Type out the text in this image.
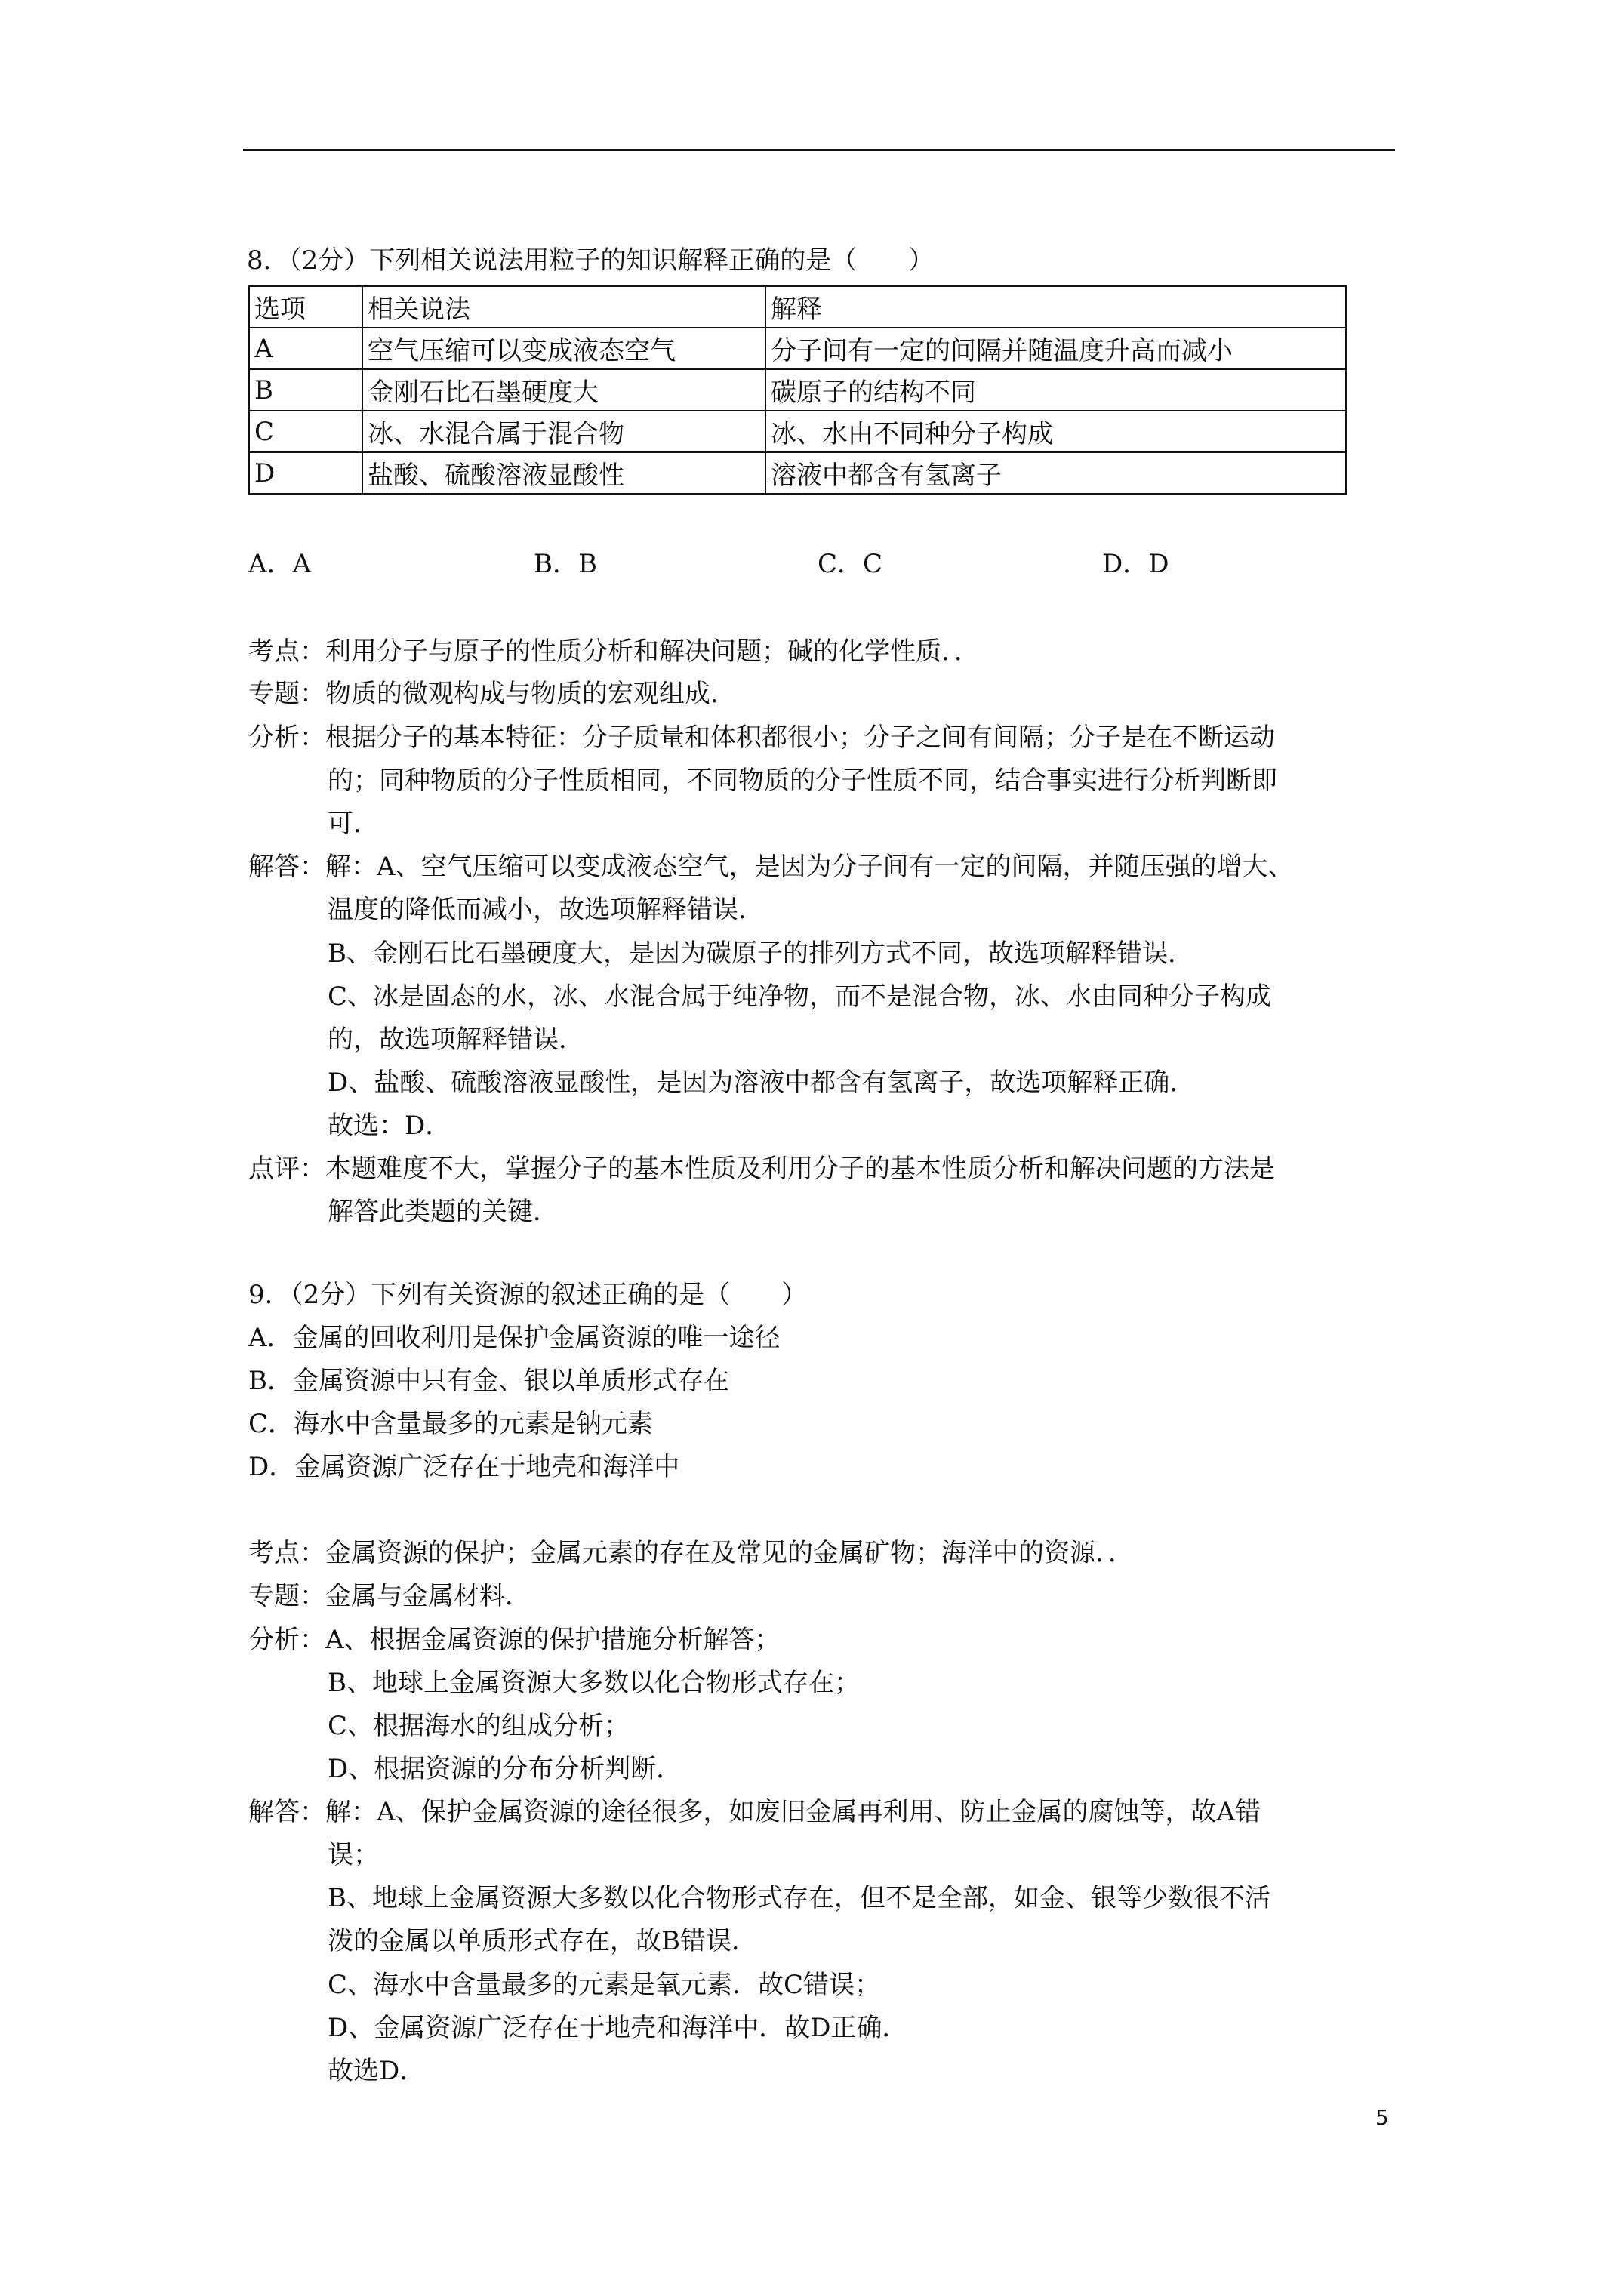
8．（2分）下列相关说法用粒子的知识解释正确的是（　　）
选项	相关说法	解释
A	空气压缩可以变成液态空气	分子间有一定的间隔并随温度升高而减小
B	金刚石比石墨硬度大	碳原子的结构不同
C	冰、水混合属于混合物	冰、水由不同种分子构成
D	盐酸、硫酸溶液显酸性	溶液中都含有氢离子
A．A	B．B	C．C	D．D
考点：利用分子与原子的性质分析和解决问题；碱的化学性质．．
专题：物质的微观构成与物质的宏观组成．
分析：根据分子的基本特征：分子质量和体积都很小；分子之间有间隔；分子是在不断运动
的；同种物质的分子性质相同，不同物质的分子性质不同，结合事实进行分析判断即
可．
解答：解：A、空气压缩可以变成液态空气，是因为分子间有一定的间隔，并随压强的增大、
温度的降低而减小，故选项解释错误．
B、金刚石比石墨硬度大，是因为碳原子的排列方式不同，故选项解释错误．
C、冰是固态的水，冰、水混合属于纯净物，而不是混合物，冰、水由同种分子构成
的，故选项解释错误．
D、盐酸、硫酸溶液显酸性，是因为溶液中都含有氢离子，故选项解释正确．
故选：D．
点评：本题难度不大，掌握分子的基本性质及利用分子的基本性质分析和解决问题的方法是
解答此类题的关键．
9．（2分）下列有关资源的叙述正确的是（　　）
A．金属的回收利用是保护金属资源的唯一途径
B．金属资源中只有金、银以单质形式存在
C．海水中含量最多的元素是钠元素
D．金属资源广泛存在于地壳和海洋中
考点：金属资源的保护；金属元素的存在及常见的金属矿物；海洋中的资源．．
专题：金属与金属材料．
分析：A、根据金属资源的保护措施分析解答；
B、地球上金属资源大多数以化合物形式存在；
C、根据海水的组成分析；
D、根据资源的分布分析判断．
解答：解：A、保护金属资源的途径很多，如废旧金属再利用、防止金属的腐蚀等，故A错
误；
B、地球上金属资源大多数以化合物形式存在，但不是全部，如金、银等少数很不活
泼的金属以单质形式存在，故B错误．
C、海水中含量最多的元素是氧元素．故C错误；
D、金属资源广泛存在于地壳和海洋中．故D正确．
故选D．
5
